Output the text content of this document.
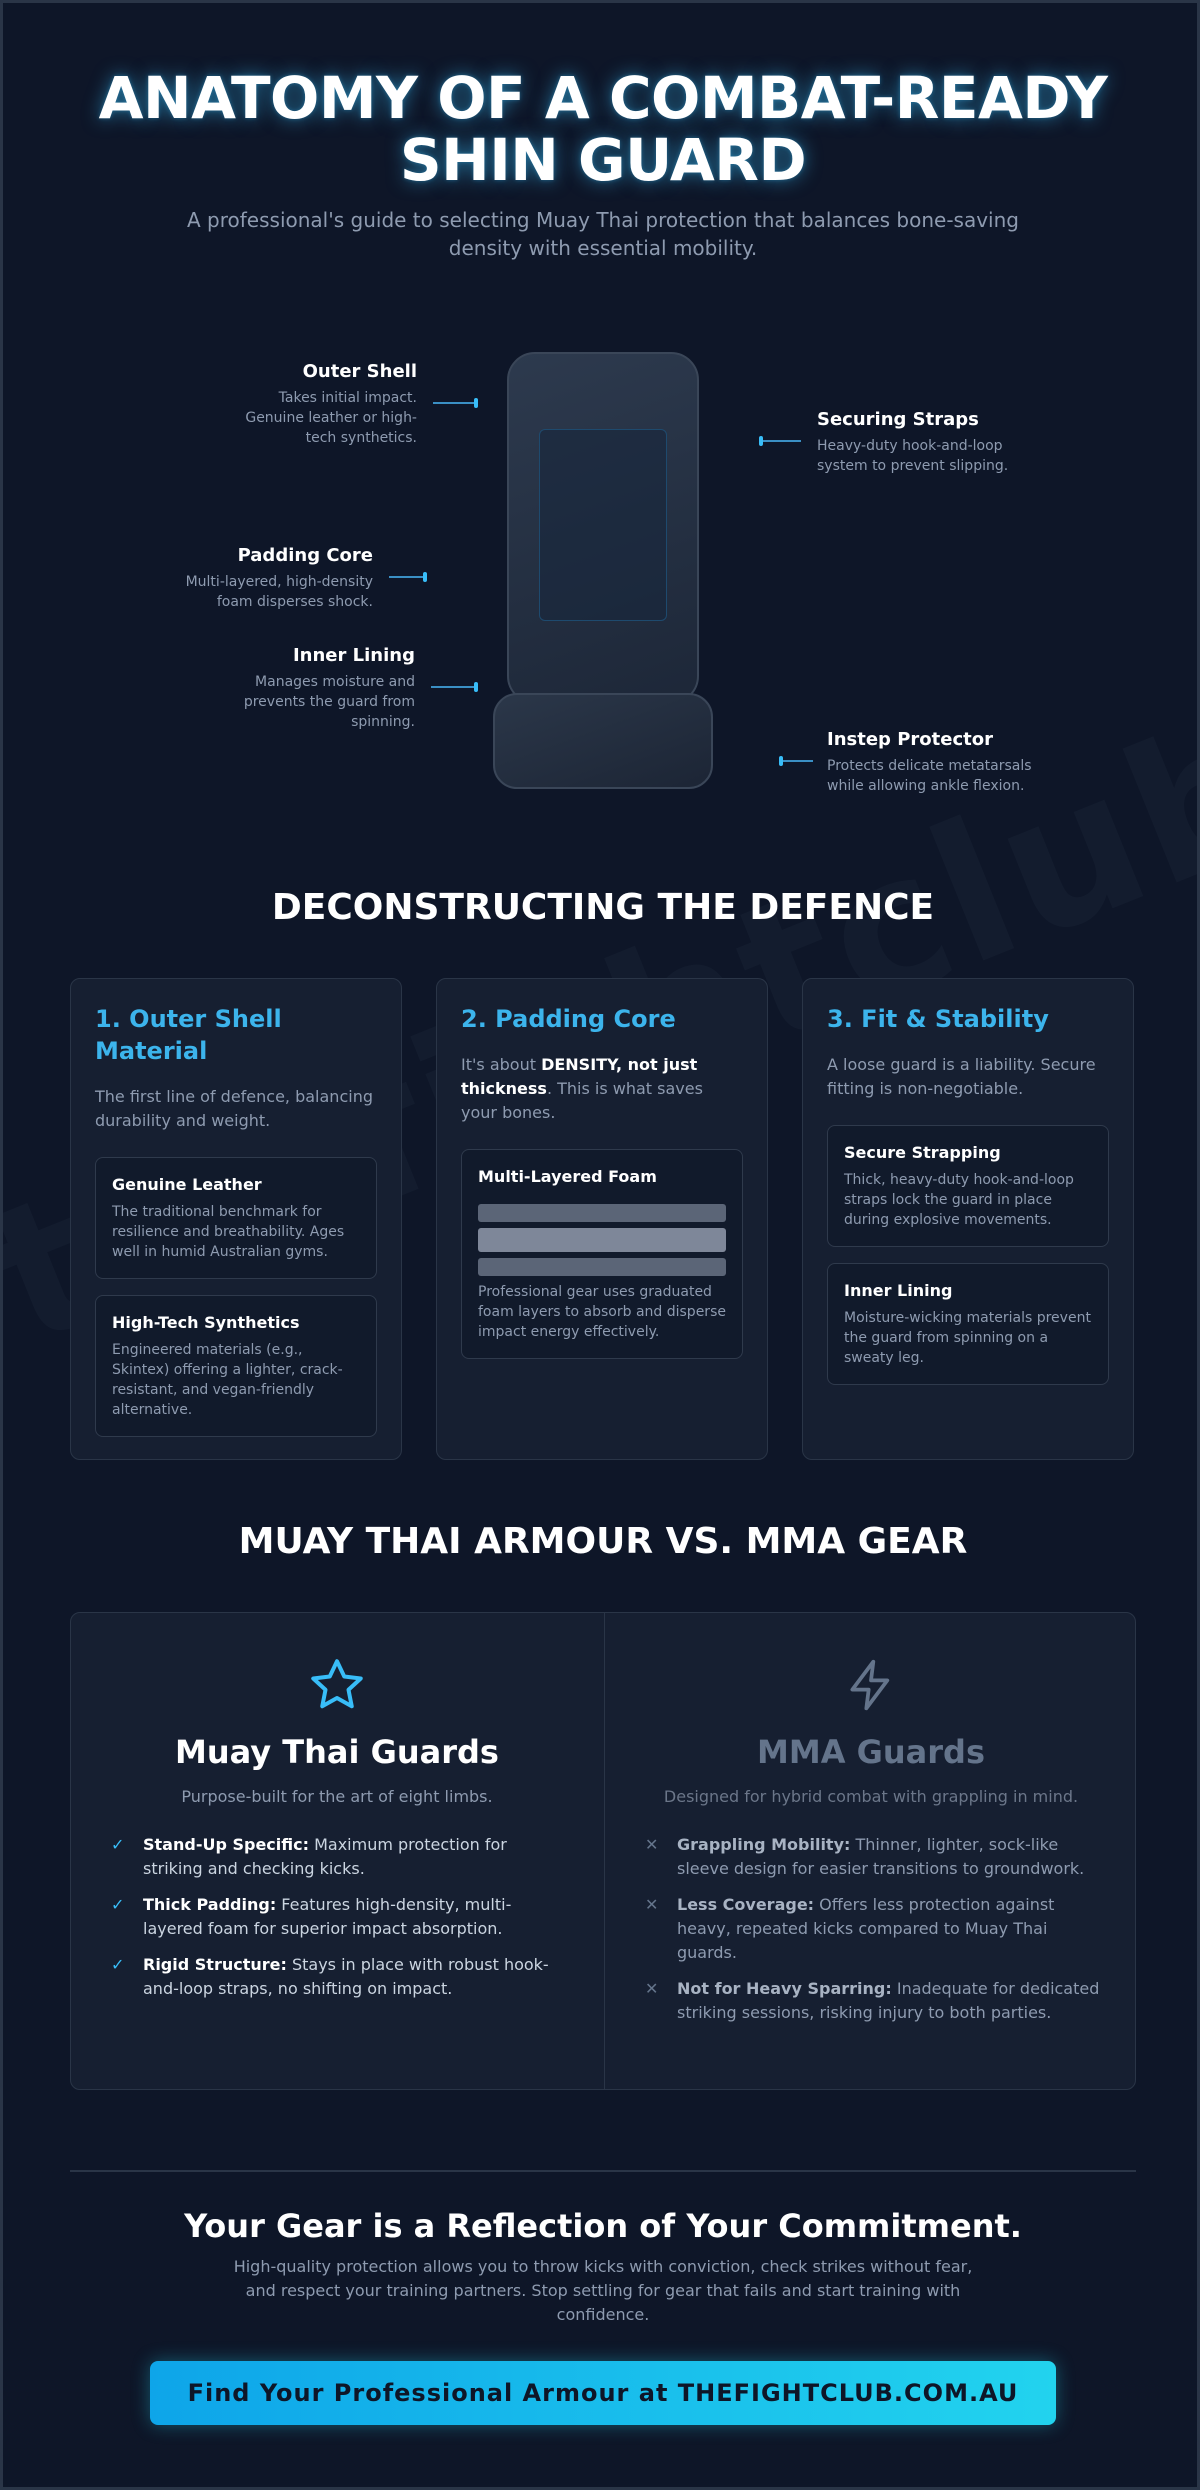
ANATOMY OF A COMBAT-READY
SHIN GUARD

A professional's guide to selecting Muay Thai protection that balances bone-saving density with essential mobility.

Outer Shell
Takes initial impact. Genuine leather or high-tech synthetics.
Padding Core
Multi-layered, high-density foam disperses shock.
Inner Lining
Manages moisture and prevents the guard from spinning.
Securing Straps
Heavy-duty hook-and-loop system to prevent slipping.
Instep Protector
Protects delicate metatarsals while allowing ankle flexion.
DECONSTRUCTING THE DEFENCE
1. Outer Shell Material
The first line of defence, balancing durability and weight.
Genuine Leather
The traditional benchmark for resilience and breathability. Ages well in humid Australian gyms.
High-Tech Synthetics
Engineered materials (e.g., Skintex) offering a lighter, crack-resistant, and vegan-friendly alternative.
2. Padding Core
It's about DENSITY, not just thickness. This is what saves your bones.
Multi-Layered Foam
Professional gear uses graduated foam layers to absorb and disperse impact energy effectively.
3. Fit & Stability
A loose guard is a liability. Secure fitting is non-negotiable.
Secure Strapping
Thick, heavy-duty hook-and-loop straps lock the guard in place during explosive movements.
Inner Lining
Moisture-wicking materials prevent the guard from spinning on a sweaty leg.
MUAY THAI ARMOUR VS. MMA GEAR
Muay Thai Guards
Purpose-built for the art of eight limbs.
✓	Stand-Up Specific: Maximum protection for striking and checking kicks.
✓	Thick Padding: Features high-density, multi-layered foam for superior impact absorption.
✓	Rigid Structure: Stays in place with robust hook-and-loop straps, no shifting on impact.
MMA Guards
Designed for hybrid combat with grappling in mind.
✕	Grappling Mobility: Thinner, lighter, sock-like sleeve design for easier transitions to groundwork.
✕	Less Coverage: Offers less protection against heavy, repeated kicks compared to Muay Thai guards.
✕	Not for Heavy Sparring: Inadequate for dedicated striking sessions, risking injury to both parties.
Your Gear is a Reflection of Your Commitment.

High-quality protection allows you to throw kicks with conviction, check strikes without fear, and respect your training partners. Stop settling for gear that fails and start training with confidence.

Find Your Professional Armour at THEFIGHTCLUB.COM.AU
